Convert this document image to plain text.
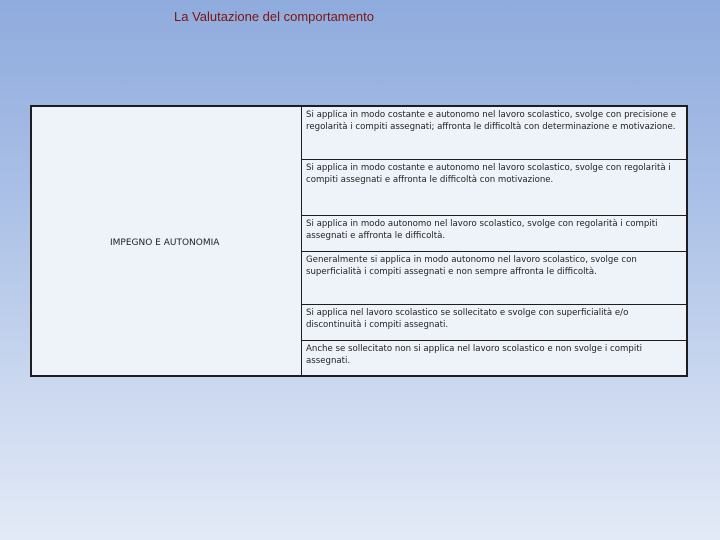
La Valutazione del comportamento
IMPEGNO E AUTONOMIA
Si applica in modo costante e autonomo nel lavoro scolastico, svolge con precisione e regolarità i compiti assegnati; affronta le difficoltà con determinazione e motivazione.
Si applica in modo costante e autonomo nel lavoro scolastico, svolge con regolarità i compiti assegnati e affronta le difficoltà con motivazione.
Si applica in modo autonomo nel lavoro scolastico, svolge con regolarità i compiti assegnati e affronta le difficoltà.
Generalmente si applica in modo autonomo nel lavoro scolastico, svolge con superficialità i compiti assegnati e non sempre affronta le difficoltà.
Si applica nel lavoro scolastico se sollecitato e svolge con superficialità e/o discontinuità i compiti assegnati.
Anche se sollecitato non si applica nel lavoro scolastico e non svolge i compiti assegnati.
